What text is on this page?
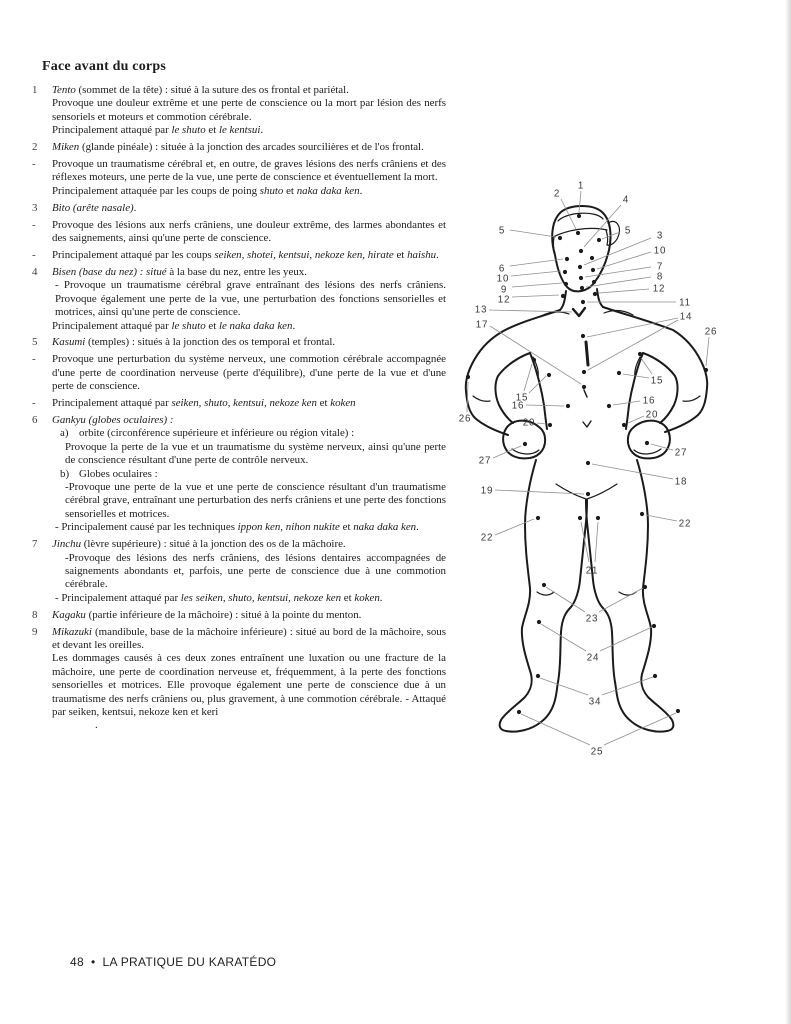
Face avant du corps
1 Tento (sommet de la tête) : situé à la suture des os frontal et pariétal.
Provoque une douleur extrême et une perte de conscience ou la mort par lésion des nerfs sensoriels et moteurs et commotion cérébrale.
Principalement attaqué par le shuto et le kentsui.
2 Miken (glande pinéale) : située à la jonction des arcades sourcilières et de l'os frontal.
- Provoque un traumatisme cérébral et, en outre, de graves lésions des nerfs crâniens et des réflexes moteurs, une perte de la vue, une perte de conscience et éventuellement la mort.
Principalement attaquée par les coups de poing shuto et naka daka ken.
3 Bito (arête nasale).
- Provoque des lésions aux nerfs crâniens, une douleur extrême, des larmes abondantes et des saignements, ainsi qu'une perte de conscience.
- Principalement attaqué par les coups seiken, shotei, kentsui, nekoze ken, hirate et haishu.
4 Bisen (base du nez) : situé à la base du nez, entre les yeux.
- Provoque un traumatisme cérébral grave entraînant des lésions des nerfs crâniens. Provoque également une perte de la vue, une perturbation des fonctions sensorielles et motrices, ainsi qu'une perte de conscience.
Principalement attaqué par le shuto et le naka daka ken.
5 Kasumi (temples) : situés à la jonction des os temporal et frontal.
- Provoque une perturbation du système nerveux, une commotion cérébrale accompagnée d'une perte de coordination nerveuse (perte d'équilibre), d'une perte de la vue et d'une perte de conscience.
- Principalement attaqué par seiken, shuto, kentsui, nekoze ken et koken
6 Gankyu (globes oculaires) :
a) orbite (circonférence supérieure et inférieure ou région vitale) :
Provoque la perte de la vue et un traumatisme du système nerveux, ainsi qu'une perte de conscience résultant d'une perte de contrôle nerveux.
b) Globes oculaires :
-Provoque une perte de la vue et une perte de conscience résultant d'un traumatisme cérébral grave, entraînant une perturbation des nerfs crâniens et une perte des fonctions sensorielles et motrices.
- Principalement causé par les techniques ippon ken, nihon nukite et naka daka ken.
7 Jinchu (lèvre supérieure) : situé à la jonction des os de la mâchoire.
-Provoque des lésions des nerfs crâniens, des lésions dentaires accompagnées de saignements abondants et, parfois, une perte de conscience due à une commotion cérébrale.
- Principalement attaqué par les seiken, shuto, kentsui, nekoze ken et koken.
8 Kagaku (partie inférieure de la mâchoire) : situé à la pointe du menton.
9 Mikazuki (mandibule, base de la mâchoire inférieure) : situé au bord de la mâchoire, sous et devant les oreilles.
Les dommages causés à ces deux zones entraînent une luxation ou une fracture de la mâchoire, une perte de coordination nerveuse et, fréquemment, à la perte des fonctions sensorielles et motrices. Elle provoque également une perte de conscience due à un traumatisme des nerfs crâniens ou, plus gravement, à une commotion cérébrale. - Attaqué par seiken, kentsui, nekoze ken et keri
.
1
2
4
5	5	3
10
7
8
12
6
10
9
12	11
13
14
17
26
26
15
15
16	16
20
20
27
27
18
19
22
22
21
23
24
34
25
48 • LA PRATIQUE DU KARATÉDO
